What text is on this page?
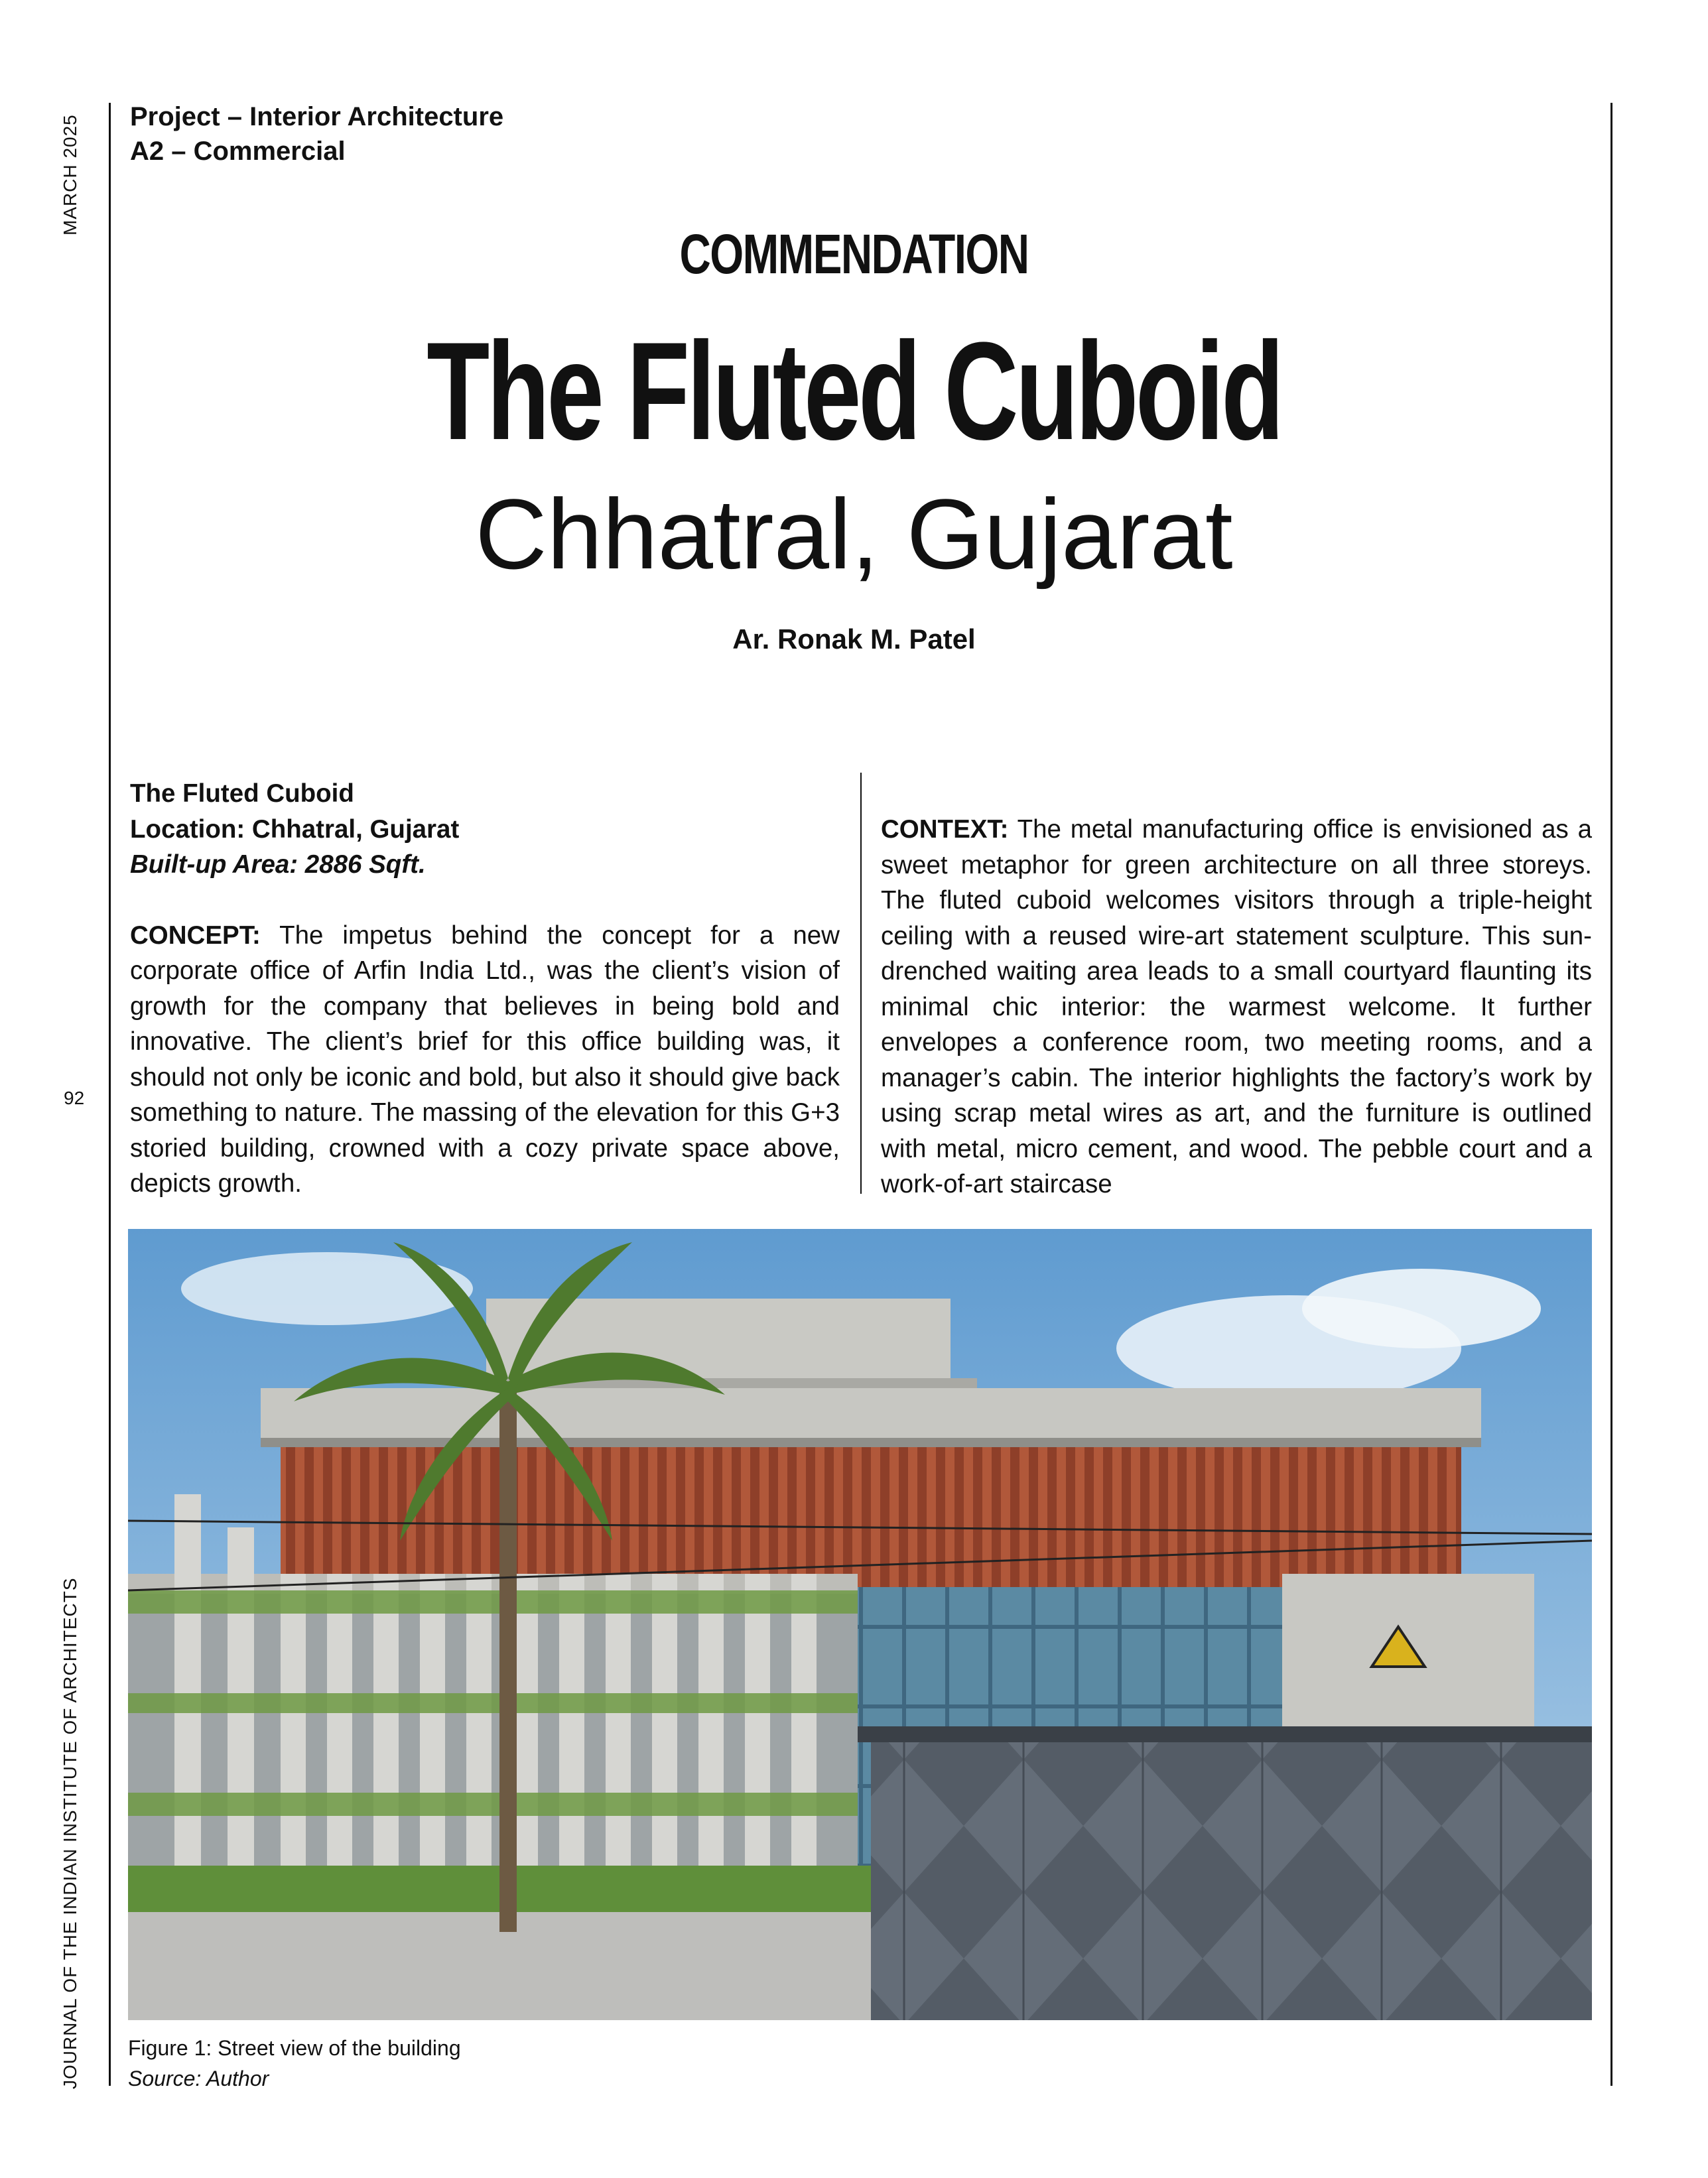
MARCH 2025
92
JOURNAL OF THE INDIAN INSTITUTE OF ARCHITECTS
Project – Interior Architecture
A2 – Commercial
COMMENDATION
The Fluted Cuboid
Chhatral, Gujarat
Ar. Ronak M. Patel

The Fluted Cuboid

Location: Chhatral, Gujarat

Built-up Area: 2886 Sqft.

CONCEPT: The impetus behind the concept for a new corporate office of Arfin India Ltd., was the client’s vision of growth for the company that believes in being bold and innovative. The client’s brief for this office building was, it should not only be iconic and bold, but also it should give back something to nature. The massing of the elevation for this G+3 storied building, crowned with a cozy private space above, depicts growth.

CONTEXT: The metal manufacturing office is envisioned as a sweet metaphor for green architecture on all three storeys. The fluted cuboid welcomes visitors through a triple-height ceiling with a reused wire-art statement sculpture. This sun-drenched waiting area leads to a small courtyard flaunting its minimal chic interior: the warmest welcome. It further envelopes a conference room, two meeting rooms, and a manager’s cabin. The interior highlights the factory’s work by using scrap metal wires as art, and the furniture is outlined with metal, micro cement, and wood. The pebble court and a work-of-art staircase

Figure 1: Street view of the building
Source: Author
